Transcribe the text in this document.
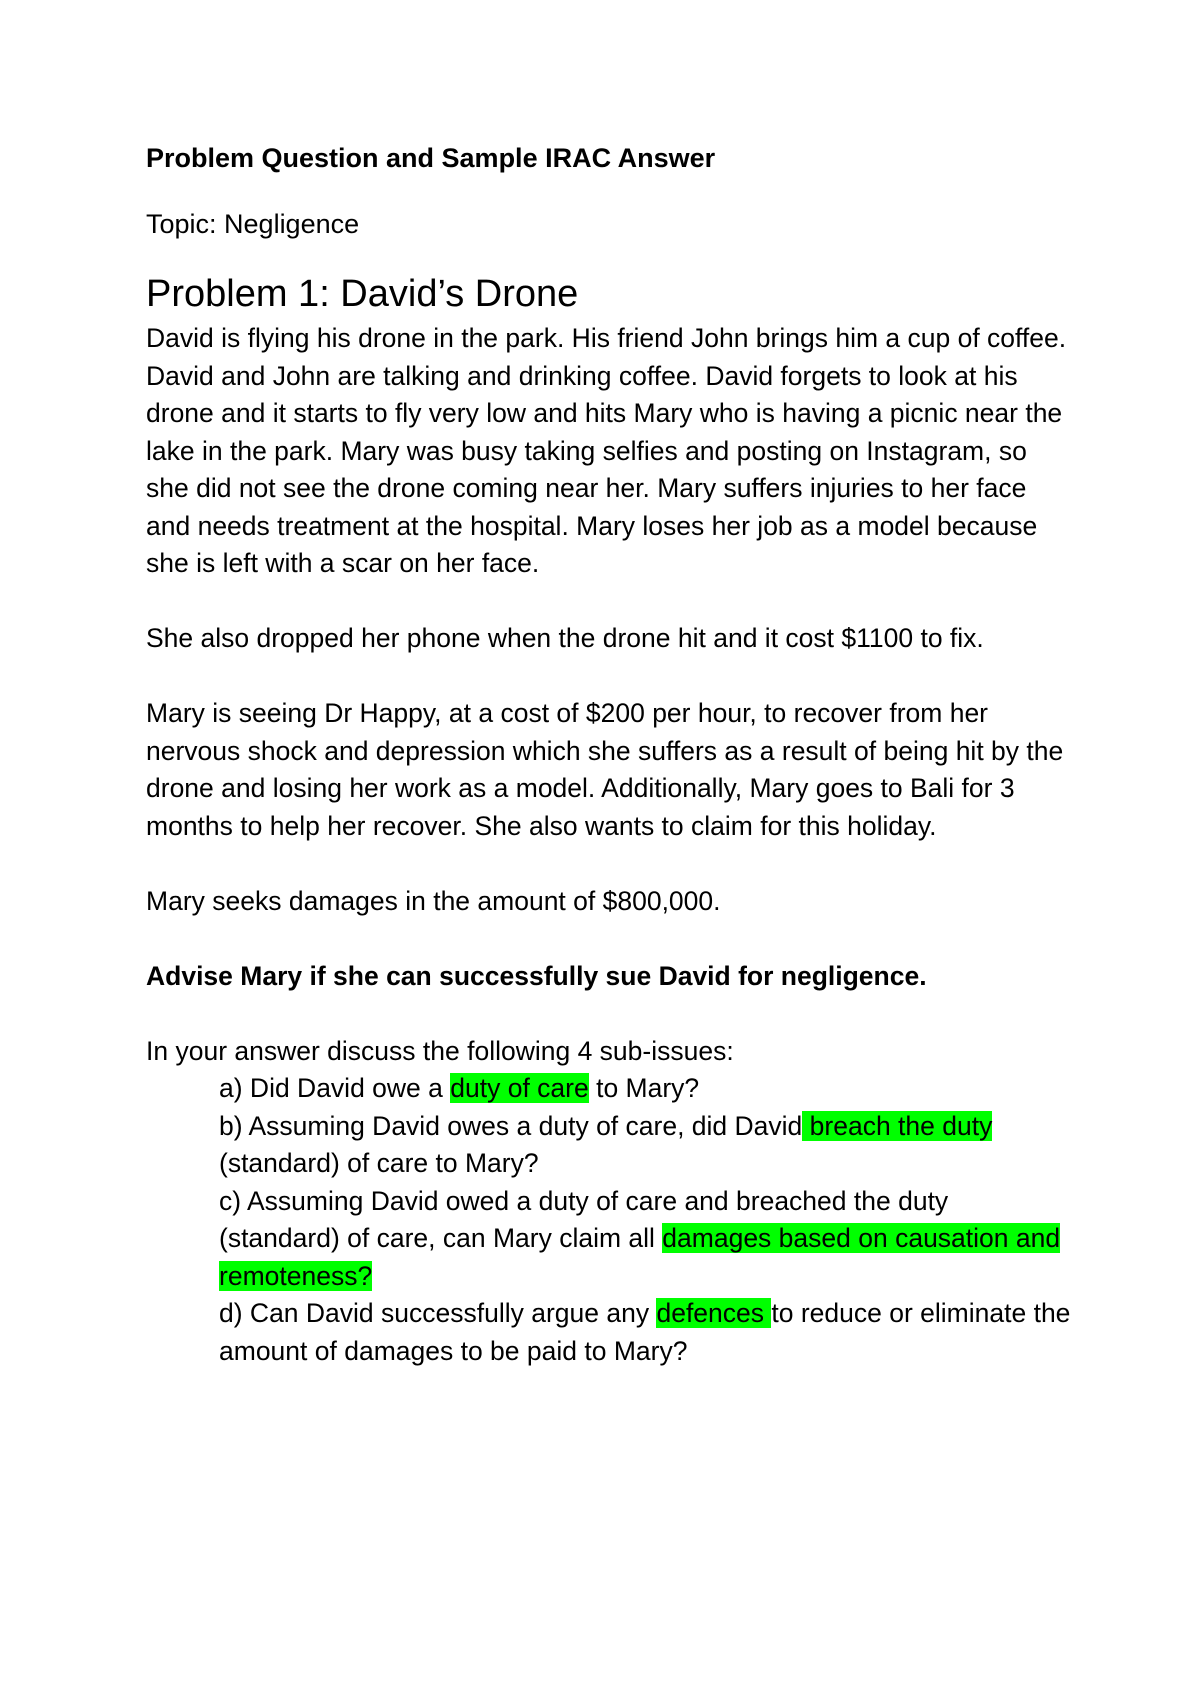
Problem Question and Sample IRAC Answer

Topic: Negligence

Problem 1: David’s Drone

David is flying his drone in the park. His friend John brings him a cup of coffee. David and John are talking and drinking coffee. David forgets to look at his drone and it starts to fly very low and hits Mary who is having a picnic near the lake in the park. Mary was busy taking selfies and posting on Instagram, so she did not see the drone coming near her. Mary suffers injuries to her face and needs treatment at the hospital. Mary loses her job as a model because she is left with a scar on her face.

She also dropped her phone when the drone hit and it cost $1100 to fix.

Mary is seeing Dr Happy, at a cost of $200 per hour, to recover from her nervous shock and depression which she suffers as a result of being hit by the drone and losing her work as a model. Additionally, Mary goes to Bali for 3 months to help her recover. She also wants to claim for this holiday.

Mary seeks damages in the amount of $800,000.

Advise Mary if she can successfully sue David for negligence.

In your answer discuss the following 4 sub-issues:

a) Did David owe a duty of care to Mary?

b) Assuming David owes a duty of care, did David breach the duty (standard) of care to Mary?

c) Assuming David owed a duty of care and breached the duty (standard) of care, can Mary claim all damages based on causation and remoteness?

d) Can David successfully argue any defences to reduce or eliminate the amount of damages to be paid to Mary?
